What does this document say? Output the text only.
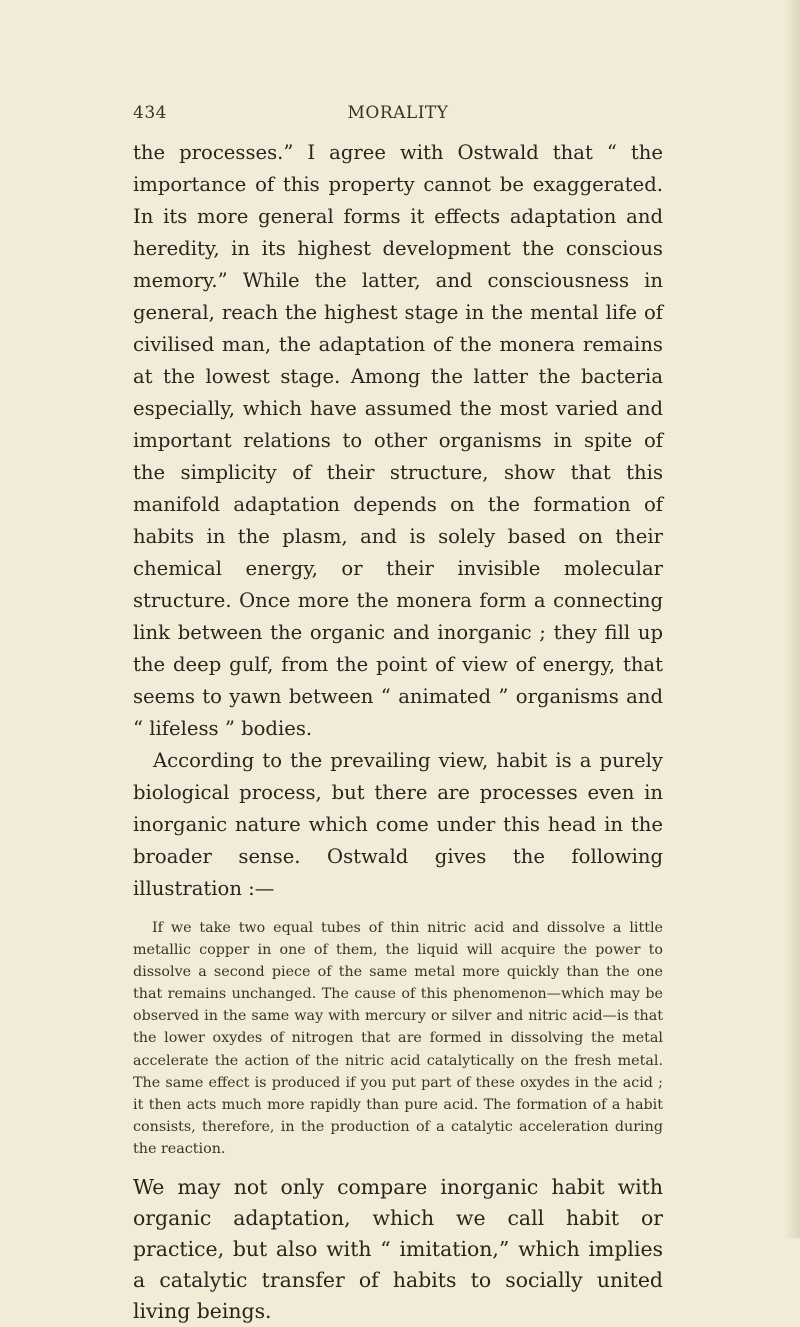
434	MORALITY

the processes.” I agree with Ostwald that “ the importance of this property cannot be exaggerated. In its more general forms it effects adaptation and heredity, in its highest development the conscious memory.” While the latter, and consciousness in general, reach the highest stage in the mental life of civilised man, the adaptation of the monera remains at the lowest stage. Among the latter the bacteria especially, which have assumed the most varied and important relations to other organisms in spite of the simplicity of their structure, show that this manifold adaptation depends on the formation of habits in the plasm, and is solely based on their chemical energy, or their invisible molecular structure. Once more the monera form a connecting link between the organic and inorganic ; they fill up the deep gulf, from the point of view of energy, that seems to yawn between “ animated ” organisms and “ lifeless ” bodies.

According to the prevailing view, habit is a purely biological process, but there are processes even in inorganic nature which come under this head in the broader sense. Ostwald gives the following illustration :—

If we take two equal tubes of thin nitric acid and dissolve a little metallic copper in one of them, the liquid will acquire the power to dissolve a second piece of the same metal more quickly than the one that remains unchanged. The cause of this phenomenon—which may be observed in the same way with mercury or silver and nitric acid—is that the lower oxydes of nitrogen that are formed in dissolving the metal accelerate the action of the nitric acid catalytically on the fresh metal. The same effect is produced if you put part of these oxydes in the acid ; it then acts much more rapidly than pure acid. The formation of a habit consists, therefore, in the production of a catalytic acceleration during the reaction.

We may not only compare inorganic habit with organic adaptation, which we call habit or practice, but also with “ imitation,” which implies a catalytic transfer of habits to socially united living beings.
